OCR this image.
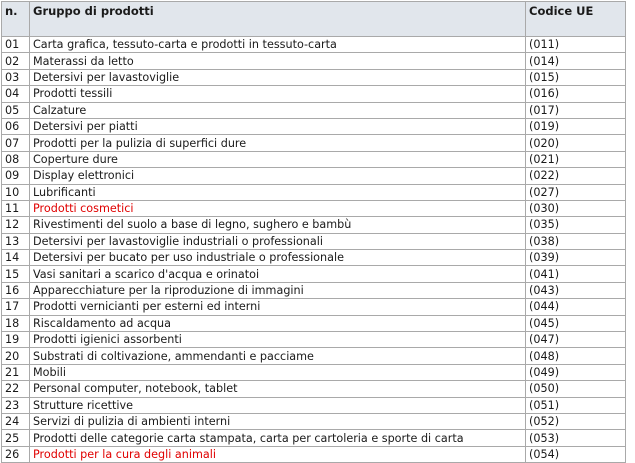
n.	Gruppo di prodotti	Codice UE
01	Carta grafica, tessuto-carta e prodotti in tessuto-carta	(011)
02	Materassi da letto	(014)
03	Detersivi per lavastoviglie	(015)
04	Prodotti tessili	(016)
05	Calzature	(017)
06	Detersivi per piatti	(019)
07	Prodotti per la pulizia di superfici dure	(020)
08	Coperture dure	(021)
09	Display elettronici	(022)
10	Lubrificanti	(027)
11	Prodotti cosmetici	(030)
12	Rivestimenti del suolo a base di legno, sughero e bambù	(035)
13	Detersivi per lavastoviglie industriali o professionali	(038)
14	Detersivi per bucato per uso industriale o professionale	(039)
15	Vasi sanitari a scarico d'acqua e orinatoi	(041)
16	Apparecchiature per la riproduzione di immagini	(043)
17	Prodotti vernicianti per esterni ed interni	(044)
18	Riscaldamento ad acqua	(045)
19	Prodotti igienici assorbenti	(047)
20	Substrati di coltivazione, ammendanti e pacciame	(048)
21	Mobili	(049)
22	Personal computer, notebook, tablet	(050)
23	Strutture ricettive	(051)
24	Servizi di pulizia di ambienti interni	(052)
25	Prodotti delle categorie carta stampata, carta per cartoleria e sporte di carta	(053)
26	Prodotti per la cura degli animali	(054)
